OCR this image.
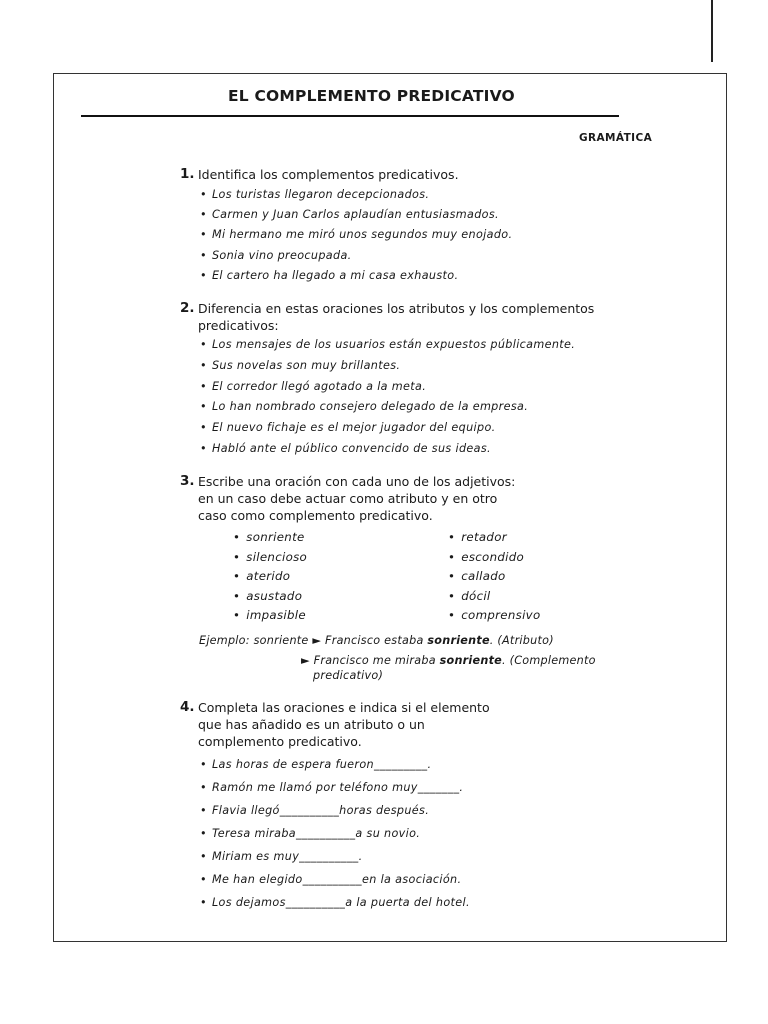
EL COMPLEMENTO PREDICATIVO
GRAMÁTICA
1. Identifica los complementos predicativos.
• Los turistas llegaron decepcionados.
• Carmen y Juan Carlos aplaudían entusiasmados.
• Mi hermano me miró unos segundos muy enojado.
• Sonia vino preocupada.
• El cartero ha llegado a mi casa exhausto.
2. Diferencia en estas oraciones los atributos y los complementos predicativos:
• Los mensajes de los usuarios están expuestos públicamente.
• Sus novelas son muy brillantes.
• El corredor llegó agotado a la meta.
• Lo han nombrado consejero delegado de la empresa.
• El nuevo fichaje es el mejor jugador del equipo.
• Habló ante el público convencido de sus ideas.
3. Escribe una oración con cada uno de los adjetivos: en un caso debe actuar como atributo y en otro caso como complemento predicativo.
• sonriente
• silencioso
• aterido
• asustado
• impasible
• retador
• escondido
• callado
• dócil
• comprensivo
Ejemplo: sonriente ► Francisco estaba sonriente. (Atributo)
► Francisco me miraba sonriente. (Complemento
predicativo)
4. Completa las oraciones e indica si el elemento que has añadido es un atributo o un complemento predicativo.
• Las horas de espera fueron_________.
• Ramón me llamó por teléfono muy_______.
• Flavia llegó__________horas después.
• Teresa miraba__________a su novio.
• Miriam es muy__________.
• Me han elegido__________en la asociación.
• Los dejamos__________a la puerta del hotel.
